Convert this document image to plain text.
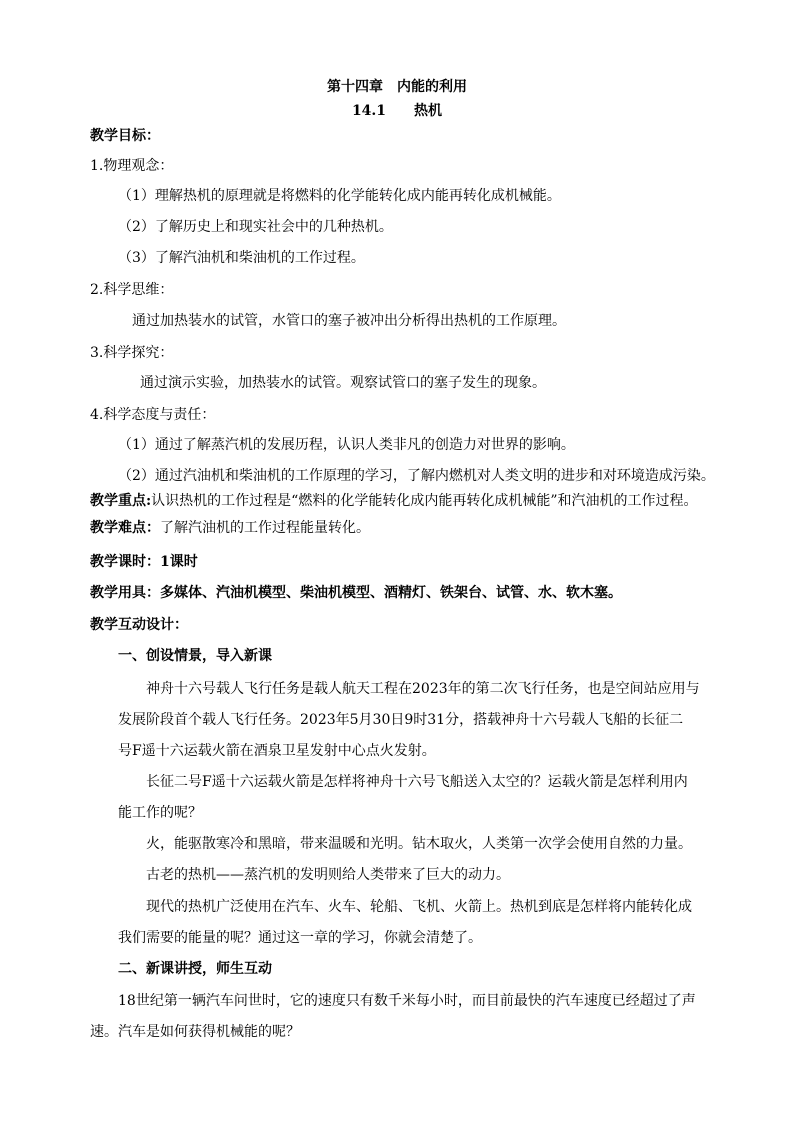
第十四章　内能的利用
14.1　　热机
教学目标：
1.物理观念：
（1）理解热机的原理就是将燃料的化学能转化成内能再转化成机械能。
（2）了解历史上和现实社会中的几种热机。
（3）了解汽油机和柴油机的工作过程。
2.科学思维：
通过加热装水的试管，水管口的塞子被冲出分析得出热机的工作原理。
3.科学探究：
通过演示实验，加热装水的试管。观察试管口的塞子发生的现象。
4.科学态度与责任：
（1）通过了解蒸汽机的发展历程，认识人类非凡的创造力对世界的影响。
（2）通过汽油机和柴油机的工作原理的学习，了解内燃机对人类文明的进步和对环境造成污染。
教学重点:认识热机的工作过程是“燃料的化学能转化成内能再转化成机械能”和汽油机的工作过程。
教学难点：了解汽油机的工作过程能量转化。
教学课时：1课时
教学用具：多媒体、汽油机模型、柴油机模型、酒精灯、铁架台、试管、水、软木塞。
教学互动设计：
一、创设情景，导入新课
神舟十六号载人飞行任务是载人航天工程在2023年的第二次飞行任务，也是空间站应用与
发展阶段首个载人飞行任务。2023年5月30日9时31分，搭载神舟十六号载人飞船的长征二
号F遥十六运载火箭在酒泉卫星发射中心点火发射。
长征二号F遥十六运载火箭是怎样将神舟十六号飞船送入太空的？运载火箭是怎样利用内
能工作的呢？
火，能驱散寒冷和黑暗，带来温暖和光明。钻木取火，人类第一次学会使用自然的力量。
古老的热机——蒸汽机的发明则给人类带来了巨大的动力。
现代的热机广泛使用在汽车、火车、轮船、飞机、火箭上。热机到底是怎样将内能转化成
我们需要的能量的呢？通过这一章的学习，你就会清楚了。
二、新课讲授，师生互动
18世纪第一辆汽车问世时，它的速度只有数千米每小时，而目前最快的汽车速度已经超过了声
速。汽车是如何获得机械能的呢？
